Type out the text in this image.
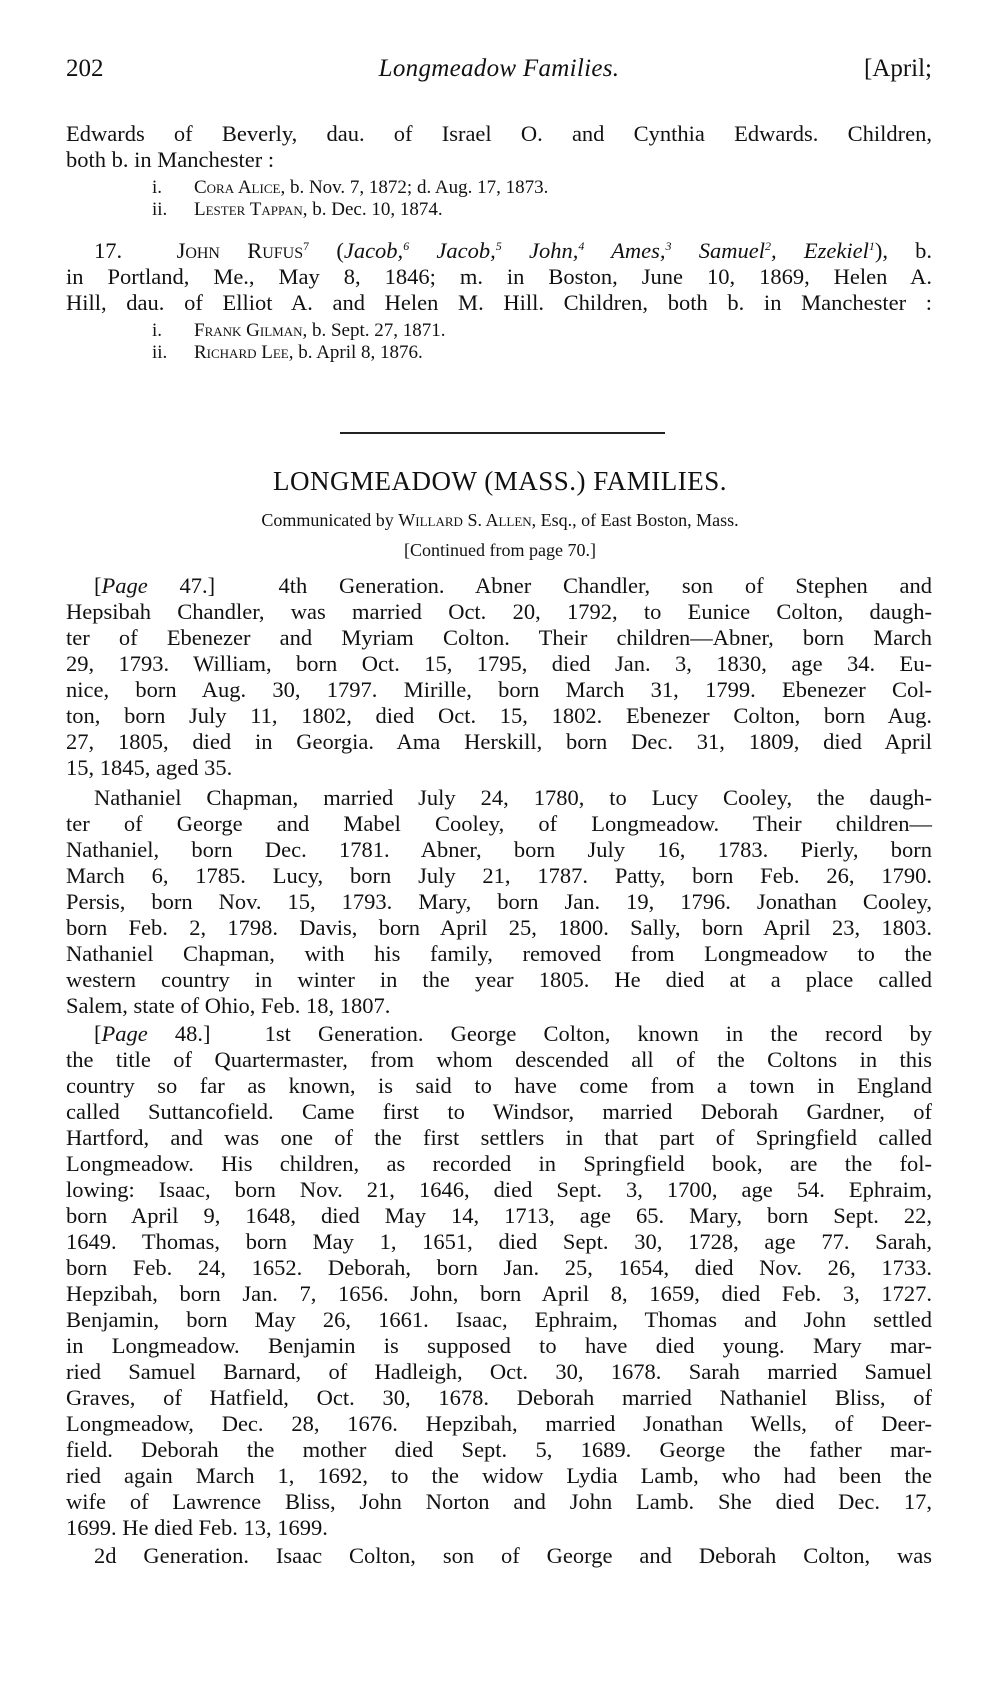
202	Longmeadow Families.	[April;
Edwards of Beverly, dau. of Israel O. and Cynthia Edwards. Children,
both b. in Manchester :
i.	Cora Alice, b. Nov. 7, 1872; d. Aug. 17, 1873.
ii. Lester Tappan, b. Dec. 10, 1874.
17. John Rufus$^7$ (Jacob,$^6$ Jacob,$^5$ John,$^4$ Ames,$^3$ Samuel$^2$, Ezekiel$^1$), b.
in Portland, Me., May 8, 1846; m. in Boston, June 10, 1869, Helen A.
Hill, dau. of Elliot A. and Helen M. Hill. Children, both b. in Manchester :
i.	Frank Gilman, b. Sept. 27, 1871.
ii. Richard Lee, b. April 8, 1876.
LONGMEADOW (MASS.) FAMILIES.
Communicated by Willard S. Allen, Esq., of East Boston, Mass.
[Continued from page 70.]
[Page 47.]	4th Generation. Abner Chandler, son of Stephen and
Hepsibah Chandler, was married Oct. 20, 1792, to Eunice Colton, daugh-
ter of Ebenezer and Myriam Colton. Their children—Abner, born March
29, 1793. William, born Oct. 15, 1795, died Jan. 3, 1830, age 34. Eu-
nice, born Aug. 30, 1797. Mirille, born March 31, 1799. Ebenezer Col-
ton, born July 11, 1802, died Oct. 15, 1802. Ebenezer Colton, born Aug.
27, 1805, died in Georgia. Ama Herskill, born Dec. 31, 1809, died April
15, 1845, aged 35.
Nathaniel Chapman, married July 24, 1780, to Lucy Cooley, the daugh-
ter of George and Mabel Cooley, of Longmeadow. Their children—
Nathaniel, born Dec. 1781. Abner, born July 16, 1783. Pierly, born
March 6, 1785. Lucy, born July 21, 1787. Patty, born Feb. 26, 1790.
Persis, born Nov. 15, 1793. Mary, born Jan. 19, 1796. Jonathan Cooley,
born Feb. 2, 1798. Davis, born April 25, 1800. Sally, born April 23, 1803.
Nathaniel Chapman, with his family, removed from Longmeadow to the
western country in winter in the year 1805. He died at a place called
Salem, state of Ohio, Feb. 18, 1807.
[Page 48.] 1st Generation. George Colton, known in the record by
the title of Quartermaster, from whom descended all of the Coltons in this
country so far as known, is said to have come from a town in England
called Suttancofield. Came first to Windsor, married Deborah Gardner, of
Hartford, and was one of the first settlers in that part of Springfield called
Longmeadow. His children, as recorded in Springfield book, are the fol-
lowing: Isaac, born Nov. 21, 1646, died Sept. 3, 1700, age 54. Ephraim,
born April 9, 1648, died May 14, 1713, age 65. Mary, born Sept. 22,
1649. Thomas, born May 1, 1651, died Sept. 30, 1728, age 77. Sarah,
born Feb. 24, 1652. Deborah, born Jan. 25, 1654, died Nov. 26, 1733.
Hepzibah, born Jan. 7, 1656. John, born April 8, 1659, died Feb. 3, 1727.
Benjamin, born May 26, 1661. Isaac, Ephraim, Thomas and John settled
in Longmeadow. Benjamin is supposed to have died young. Mary mar-
ried Samuel Barnard, of Hadleigh, Oct. 30, 1678. Sarah married Samuel
Graves, of Hatfield, Oct. 30, 1678. Deborah married Nathaniel Bliss, of
Longmeadow, Dec. 28, 1676. Hepzibah, married Jonathan Wells, of Deer-
field. Deborah the mother died Sept. 5, 1689. George the father mar-
ried again March 1, 1692, to the widow Lydia Lamb, who had been the
wife of Lawrence Bliss, John Norton and John Lamb. She died Dec. 17,
1699. He died Feb. 13, 1699.
2d Generation. Isaac Colton, son of George and Deborah Colton, was
